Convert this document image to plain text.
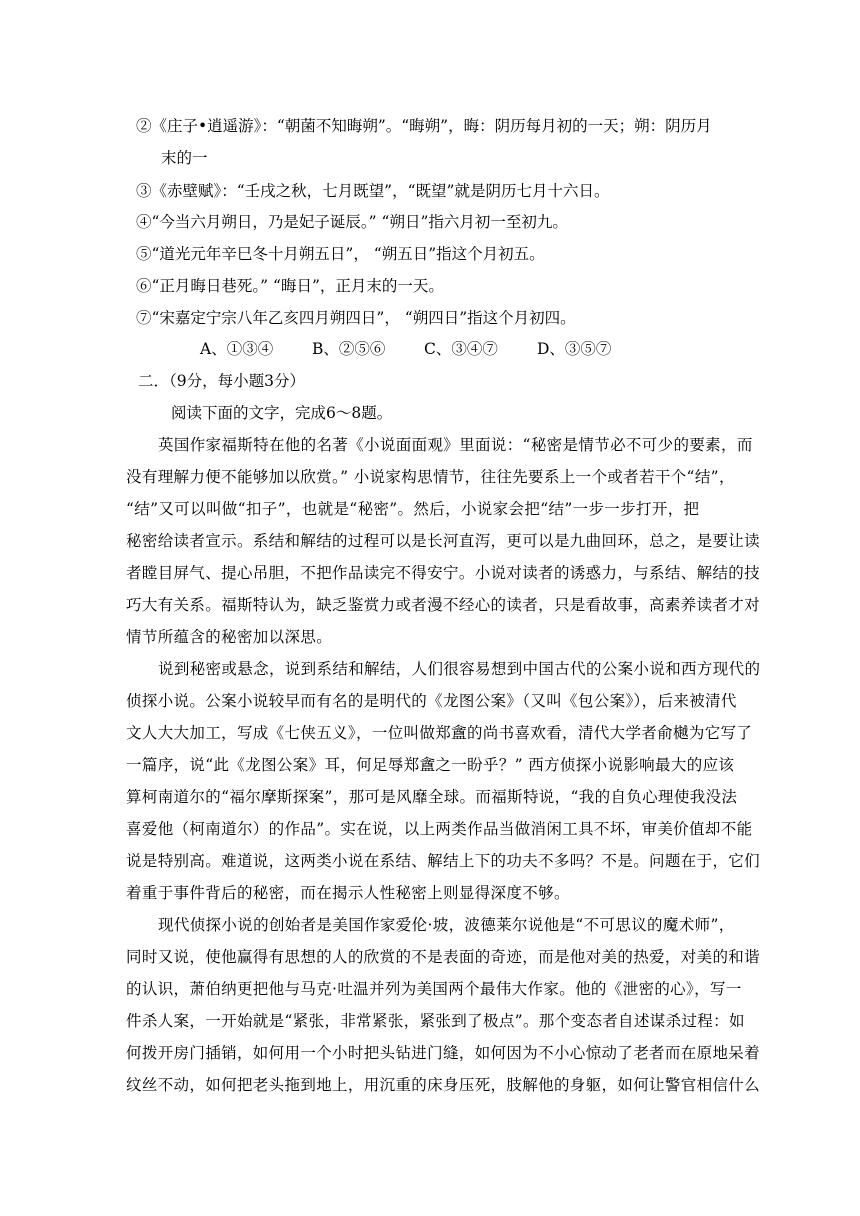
②《庄子•逍遥游》：“朝菌不知晦朔”。“晦朔”，晦：阴历每月初的一天；朔：阴历月
末的一
③《赤壁赋》：“壬戌之秋，七月既望”，“既望”就是阴历七月十六日。
④“今当六月朔日，乃是妃子诞辰。” “朔日”指六月初一至初九。
⑤“道光元年辛巳冬十月朔五日”， “朔五日”指这个月初五。
⑥“正月晦日巷死。” “晦日”，正月末的一天。
⑦“宋嘉定宁宗八年乙亥四月朔四日”， “朔四日”指这个月初四。
A、①③④	B、②⑤⑥ C、③④⑦	D、③⑤⑦
二．（9分，每小题3分）
阅读下面的文字，完成6～8题。
英国作家福斯特在他的名著《小说面面观》里面说：“秘密是情节必不可少的要素，而
没有理解力便不能够加以欣赏。” 小说家构思情节，往往先要系上一个或者若干个“结”，
“结”又可以叫做“扣子”，也就是“秘密”。然后，小说家会把“结”一步一步打开，把
秘密给读者宣示。系结和解结的过程可以是长河直泻，更可以是九曲回环，总之，是要让读
者瞠目屏气、提心吊胆，不把作品读完不得安宁。小说对读者的诱惑力，与系结、解结的技
巧大有关系。福斯特认为，缺乏鉴赏力或者漫不经心的读者，只是看故事，高素养读者才对
情节所蕴含的秘密加以深思。
说到秘密或悬念，说到系结和解结，人们很容易想到中国古代的公案小说和西方现代的
侦探小说。公案小说较早而有名的是明代的《龙图公案》（又叫《包公案》），后来被清代
文人大大加工，写成《七侠五义》，一位叫做郑盦的尚书喜欢看，清代大学者俞樾为它写了
一篇序，说“此《龙图公案》耳，何足辱郑盦之一盼乎？” 西方侦探小说影响最大的应该
算柯南道尔的“福尔摩斯探案”，那可是风靡全球。而福斯特说，“我的自负心理使我没法
喜爱他（柯南道尔）的作品”。实在说，以上两类作品当做消闲工具不坏，审美价值却不能
说是特别高。难道说，这两类小说在系结、解结上下的功夫不多吗？不是。问题在于，它们
着重于事件背后的秘密，而在揭示人性秘密上则显得深度不够。
现代侦探小说的创始者是美国作家爱伦·坡，波德莱尔说他是“不可思议的魔术师”，
同时又说，使他赢得有思想的人的欣赏的不是表面的奇迹，而是他对美的热爱，对美的和谐
的认识，萧伯纳更把他与马克·吐温并列为美国两个最伟大作家。他的《泄密的心》，写一
件杀人案，一开始就是“紧张，非常紧张，紧张到了极点”。那个变态者自述谋杀过程：如
何拨开房门插销，如何用一个小时把头钻进门缝，如何因为不小心惊动了老者而在原地呆着
纹丝不动，如何把老头拖到地上，用沉重的床身压死，肢解他的身躯，如何让警官相信什么
